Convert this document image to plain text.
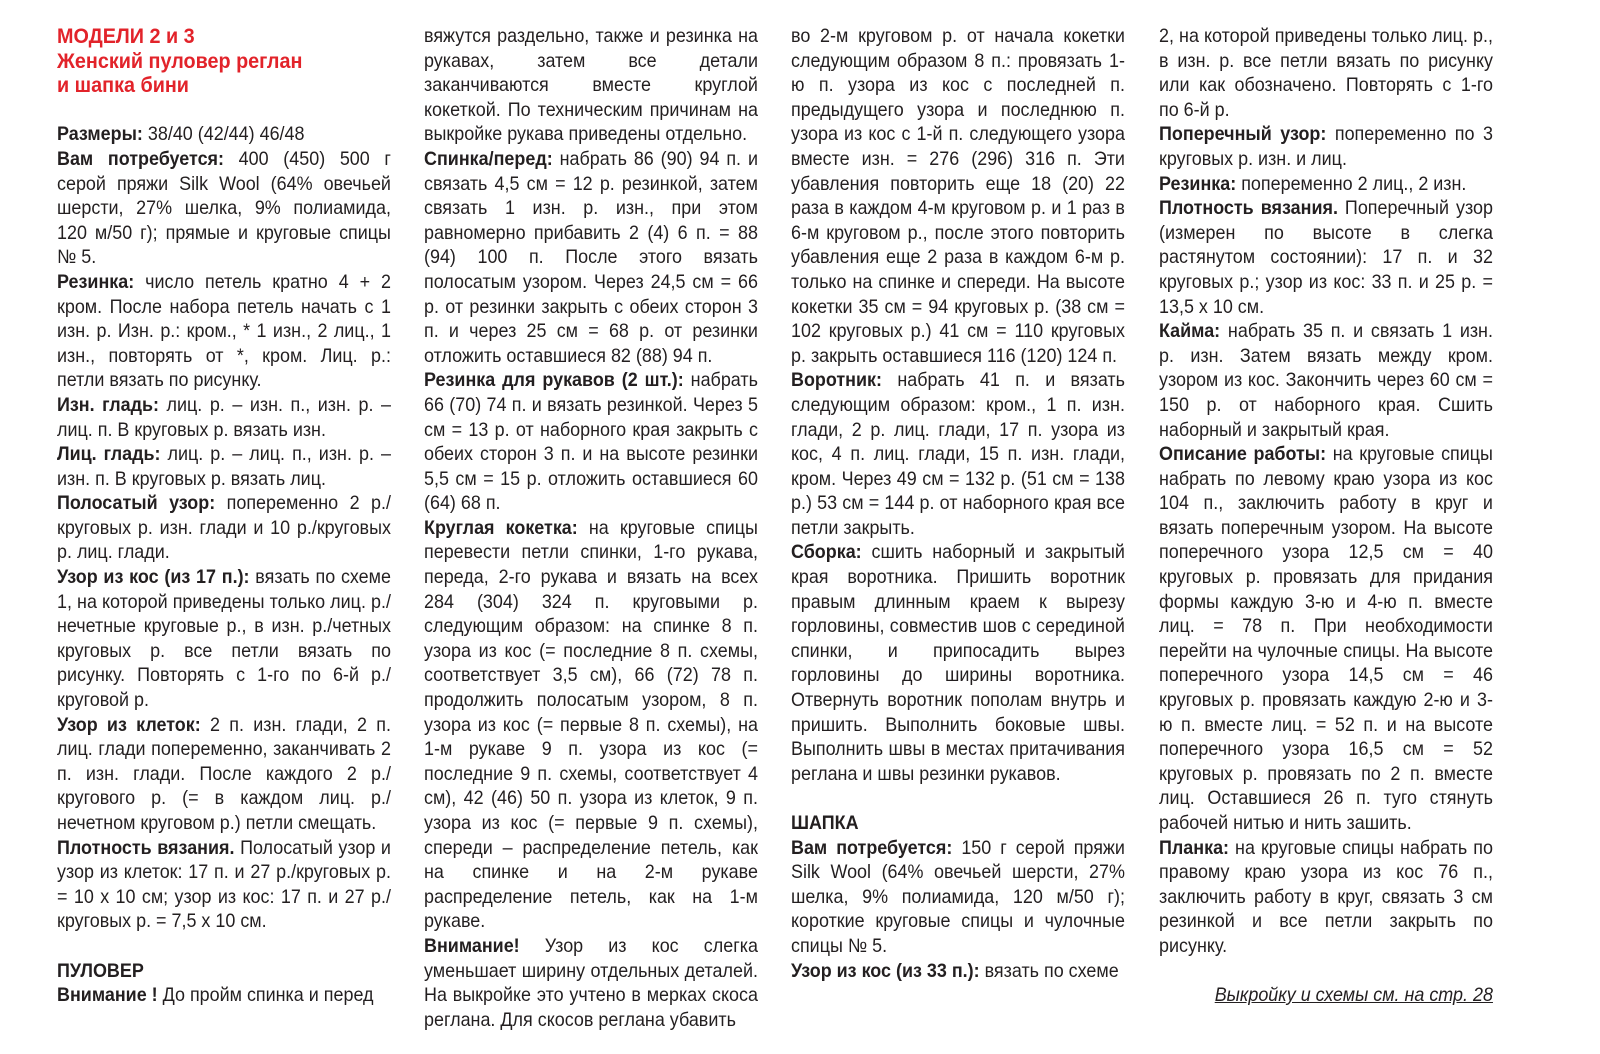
МОДЕЛИ 2 и 3
Женский пуловер реглан
и шапка бини

Размеры: 38/40 (42/44) 46/48

Вам потребуется: 400 (450) 500 г серой пряжи Silk Wool (64% овечьей шерсти, 27% шелка, 9% полиамида, 120 м/50 г); прямые и круговые спицы № 5.

Резинка: число петель кратно 4 + 2 кром. После набора петель начать с 1 изн. р. Изн. р.: кром., * 1 изн., 2 лиц., 1 изн., повторять от *, кром. Лиц. р.: петли вязать по рисунку.

Изн. гладь: лиц. р. – изн. п., изн. р. – лиц. п. В круговых р. вязать изн.

Лиц. гладь: лиц. р. – лиц. п., изн. р. – изн. п. В круговых р. вязать лиц.

Полосатый узор: попеременно 2 р./круговых р. изн. глади и 10 р./круговых р. лиц. глади.

Узор из кос (из 17 п.): вязать по схеме 1, на которой приведены только лиц. р./нечетные круговые р., в изн. р./четных круговых р. все петли вязать по рисунку. Повторять с 1-го по 6-й р./круговой р.

Узор из клеток: 2 п. изн. глади, 2 п. лиц. глади попеременно, заканчивать 2 п. изн. глади. После каждого 2 р./кругового р. (= в каждом лиц. р./нечетном круговом р.) петли смещать.

Плотность вязания. Полосатый узор и узор из клеток: 17 п. и 27 р./круговых р. = 10 х 10 см; узор из кос: 17 п. и 27 р./круговых р. = 7,5 х 10 см.

ПУЛОВЕР

Внимание ! До пройм спинка и перед

вяжутся раздельно, также и резинка на рукавах, затем все детали заканчиваются вместе круглой кокеткой. По техническим причинам на выкройке рукава приведены отдельно.

Спинка/перед: набрать 86 (90) 94 п. и связать 4,5 см = 12 р. резинкой, затем связать 1 изн. р. изн., при этом равномерно прибавить 2 (4) 6 п. = 88 (94) 100 п. После этого вязать полосатым узором. Через 24,5 см = 66 р. от резинки закрыть с обеих сторон 3 п. и через 25 см = 68 р. от резинки отложить оставшиеся 82 (88) 94 п.

Резинка для рукавов (2 шт.): набрать 66 (70) 74 п. и вязать резинкой. Через 5 см = 13 р. от наборного края закрыть с обеих сторон 3 п. и на высоте резинки 5,5 см = 15 р. отложить оставшиеся 60 (64) 68 п.

Круглая кокетка: на круговые спицы перевести петли спинки, 1-го рукава, переда, 2-го рукава и вязать на всех 284 (304) 324 п. круговыми р. следующим образом: на спинке 8 п. узора из кос (= последние 8 п. схемы, соответствует 3,5 см), 66 (72) 78 п. продолжить полосатым узором, 8 п. узора из кос (= первые 8 п. схемы), на 1-м рукаве 9 п. узора из кос (= последние 9 п. схемы, соответствует 4 см), 42 (46) 50 п. узора из клеток, 9 п. узора из кос (= первые 9 п. схемы), спереди – распределение петель, как на спинке и на 2-м рукаве распределение петель, как на 1-м рукаве.

Внимание! Узор из кос слегка уменьшает ширину отдельных деталей. На выкройке это учтено в мерках скоса реглана. Для скосов реглана убавить

во 2-м круговом р. от начала кокетки следующим образом 8 п.: провязать 1-ю п. узора из кос с последней п. предыдущего узора и последнюю п. узора из кос с 1-й п. следующего узора вместе изн. = 276 (296) 316 п. Эти убавления повторить еще 18 (20) 22 раза в каждом 4-м круговом р. и 1 раз в 6-м круговом р., после этого повторить убавления еще 2 раза в каждом 6-м р. только на спинке и спереди. На высоте кокетки 35 см = 94 круговых р. (38 см = 102 круговых р.) 41 см = 110 круговых р. закрыть оставшиеся 116 (120) 124 п.

Воротник: набрать 41 п. и вязать следующим образом: кром., 1 п. изн. глади, 2 р. лиц. глади, 17 п. узора из кос, 4 п. лиц. глади, 15 п. изн. глади, кром. Через 49 см = 132 р. (51 см = 138 р.) 53 см = 144 р. от наборного края все петли закрыть.

Сборка: сшить наборный и закрытый края воротника. Пришить воротник правым длинным краем к вырезу горловины, совместив шов с серединой спинки, и припосадить вырез горловины до ширины воротника. Отвернуть воротник пополам внутрь и пришить. Выполнить боковые швы. Выполнить швы в местах притачивания реглана и швы резинки рукавов.

ШАПКА

Вам потребуется: 150 г серой пряжи Silk Wool (64% овечьей шерсти, 27% шелка, 9% полиамида, 120 м/50 г); короткие круговые спицы и чулочные спицы № 5.

Узор из кос (из 33 п.): вязать по схеме

2, на которой приведены только лиц. р., в изн. р. все петли вязать по рисунку или как обозначено. Повторять с 1-го по 6-й р.

Поперечный узор: попеременно по 3 круговых р. изн. и лиц.

Резинка: попеременно 2 лиц., 2 изн.

Плотность вязания. Поперечный узор (измерен по высоте в слегка растянутом состоянии): 17 п. и 32 круговых р.; узор из кос: 33 п. и 25 р. = 13,5 х 10 см.

Кайма: набрать 35 п. и связать 1 изн. р. изн. Затем вязать между кром. узором из кос. Закончить через 60 см = 150 р. от наборного края. Сшить наборный и закрытый края.

Описание работы: на круговые спицы набрать по левому краю узора из кос 104 п., заключить работу в круг и вязать поперечным узором. На высоте поперечного узора 12,5 см = 40 круговых р. провязать для придания формы каждую 3-ю и 4-ю п. вместе лиц. = 78 п. При необходимости перейти на чулочные спицы. На высоте поперечного узора 14,5 см = 46 круговых р. провязать каждую 2-ю и 3-ю п. вместе лиц. = 52 п. и на высоте поперечного узора 16,5 см = 52 круговых р. провязать по 2 п. вместе лиц. Оставшиеся 26 п. туго стянуть рабочей нитью и нить зашить.

Планка: на круговые спицы набрать по правому краю узора из кос 76 п., заключить работу в круг, связать 3 см резинкой и все петли закрыть по рисунку.

Выкройку и схемы см. на стр. 28
